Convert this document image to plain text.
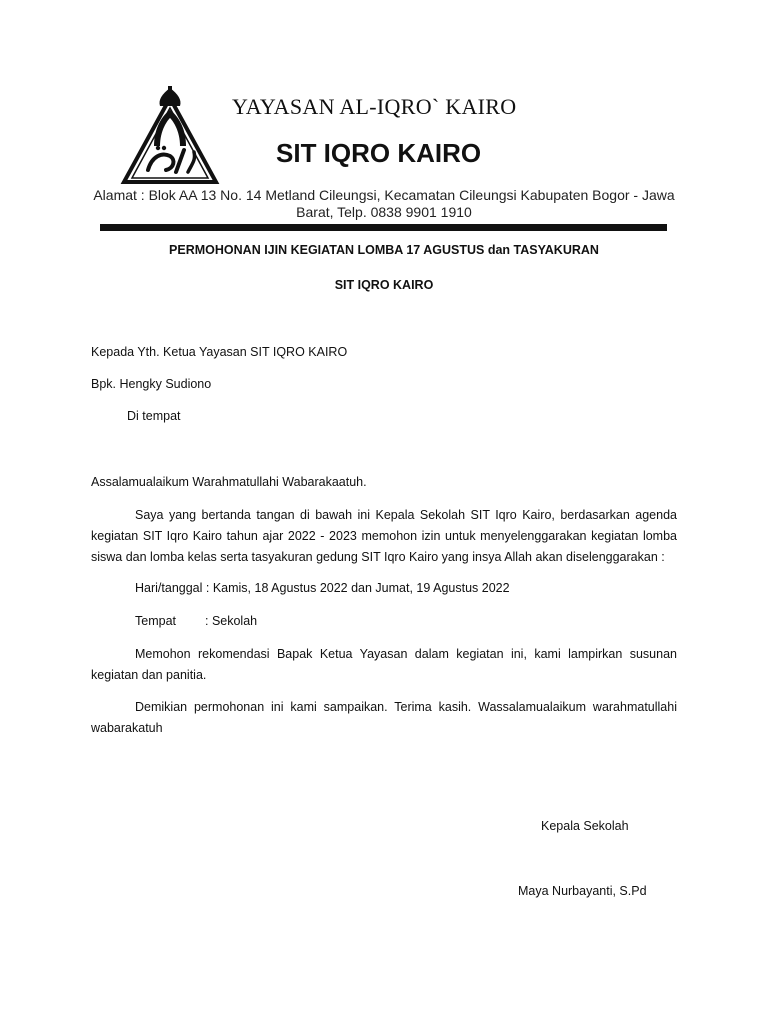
YAYASAN AL-IQRO` KAIRO
SIT IQRO KAIRO
Alamat : Blok AA 13 No. 14 Metland Cileungsi, Kecamatan Cileungsi Kabupaten Bogor - Jawa Barat, Telp. 0838 9901 1910
PERMOHONAN IJIN KEGIATAN LOMBA 17 AGUSTUS dan TASYAKURAN
SIT IQRO KAIRO
Kepada Yth. Ketua Yayasan SIT IQRO KAIRO
Bpk. Hengky Sudiono
Di tempat
Assalamualaikum Warahmatullahi Wabarakaatuh.
Saya yang bertanda tangan di bawah ini Kepala Sekolah SIT Iqro Kairo, berdasarkan agenda kegiatan SIT Iqro Kairo tahun ajar 2022 - 2023 memohon izin untuk menyelenggarakan kegiatan lomba siswa dan lomba kelas serta tasyakuran gedung SIT Iqro Kairo yang insya Allah akan diselenggarakan :
Hari/tanggal : Kamis, 18 Agustus 2022 dan Jumat, 19 Agustus 2022
Tempat : Sekolah
Memohon rekomendasi Bapak Ketua Yayasan dalam kegiatan ini, kami lampirkan susunan kegiatan dan panitia.
Demikian permohonan ini kami sampaikan. Terima kasih. Wassalamualaikum warahmatullahi wabarakatuh
Kepala Sekolah
Maya Nurbayanti, S.Pd
